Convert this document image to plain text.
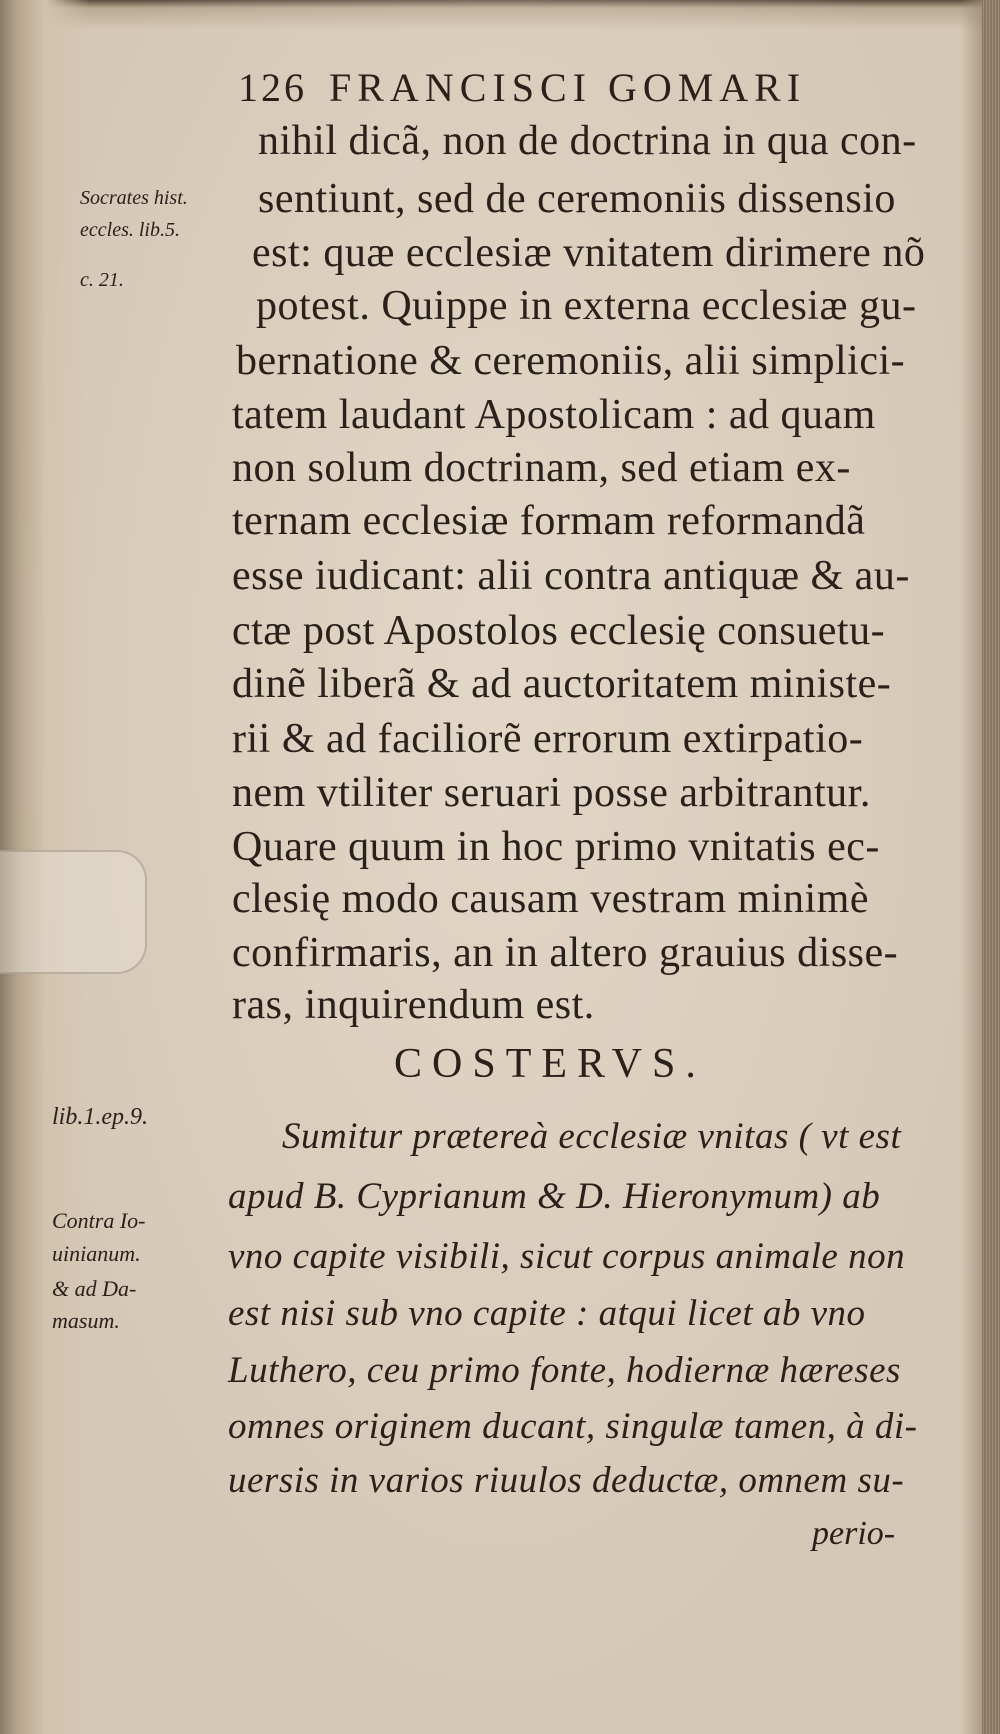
126 FRANCISCI GOMARI
Socrates hist.
eccles. lib.5.
c. 21.
lib.1.ep.9.
Contra Io-
uinianum.
& ad Da-
masum.
nihil dicã, non de doctrina in qua con-
sentiunt, sed de ceremoniis dissensio
est: quæ ecclesiæ vnitatem dirimere nõ
potest. Quippe in externa ecclesiæ gu-
bernatione & ceremoniis, alii simplici-
tatem laudant Apostolicam : ad quam
non solum doctrinam, sed etiam ex-
ternam ecclesiæ formam reformandã
esse iudicant: alii contra antiquæ & au-
ctæ post Apostolos ecclesię consuetu-
dinẽ liberã & ad auctoritatem ministe-
rii & ad faciliorẽ errorum extirpatio-
nem vtiliter seruari posse arbitrantur.
Quare quum in hoc primo vnitatis ec-
clesię modo causam vestram minimè
confirmaris, an in altero grauius disse-
ras, inquirendum est.
COSTERVS.
Sumitur prætereà ecclesiæ vnitas ( vt est
apud B. Cyprianum & D. Hieronymum) ab
vno capite visibili, sicut corpus animale non
est nisi sub vno capite : atqui licet ab vno
Luthero, ceu primo fonte, hodiernæ hæreses
omnes originem ducant, singulæ tamen, à di-
uersis in varios riuulos deductæ, omnem su-
perio-
